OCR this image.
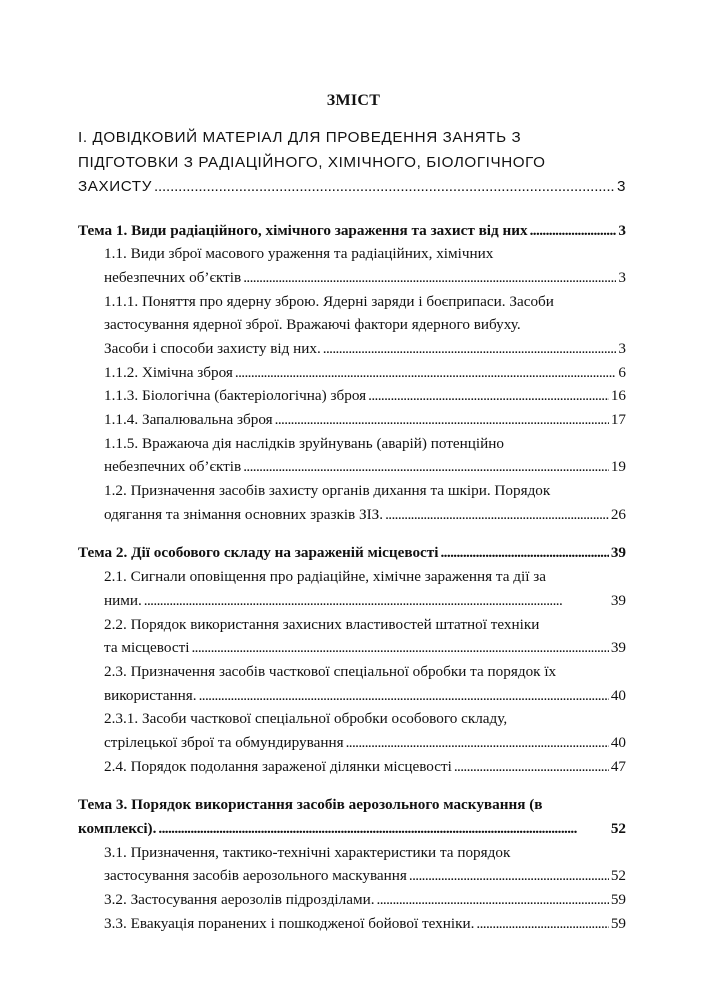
ЗМІСТ
І. ДОВІДКОВИЙ МАТЕРІАЛ ДЛЯ ПРОВЕДЕННЯ ЗАНЯТЬ З
ПІДГОТОВКИ З РАДІАЦІЙНОГО, ХІМІЧНОГО, БІОЛОГІЧНОГО
ЗАХИСТУ . . .	3
Тема 1. Види радіаційного, хімічного зараження та захист від них . . .	3
1.1. Види зброї масового ураження та радіаційних, хімічних
небезпечних об’єктів . . .	3
1.1.1. Поняття про ядерну зброю. Ядерні заряди і боєприпаси. Засоби
застосування ядерної зброї. Вражаючі фактори ядерного вибуху.
Засоби і способи захисту від них. . . .	3
1.1.2. Хімічна зброя . . .	6
1.1.3. Біологічна (бактеріологічна) зброя . . .	16
1.1.4. Запалювальна зброя . . .	17
1.1.5. Вражаюча дія наслідків зруйнувань (аварій) потенційно
небезпечних об’єктів . . .	19
1.2. Призначення засобів захисту органів дихання та шкіри. Порядок
одягання та знімання основних зразків ЗІЗ. . . .	26
Тема 2. Дії особового складу на зараженій місцевості . . .	39
2.1. Сигнали оповіщення про радіаційне, хімічне зараження та дії за
ними. . . .	39
2.2. Порядок використання захисних властивостей штатної техніки
та місцевості . . .	39
2.3. Призначення засобів часткової спеціальної обробки та порядок їх
використання. . . .	40
2.3.1. Засоби часткової спеціальної обробки особового складу,
стрілецької зброї та обмундирування . . .	40
2.4. Порядок подолання зараженої ділянки місцевості . . .	47
Тема 3. Порядок використання засобів аерозольного маскування (в
комплексі). . . .	52
3.1. Призначення, тактико-технічні характеристики та порядок
застосування засобів аерозольного маскування . . .	52
3.2. Застосування аерозолів підрозділами. . . .	59
3.3. Евакуація поранених і пошкодженої бойової техніки. . . .	59
